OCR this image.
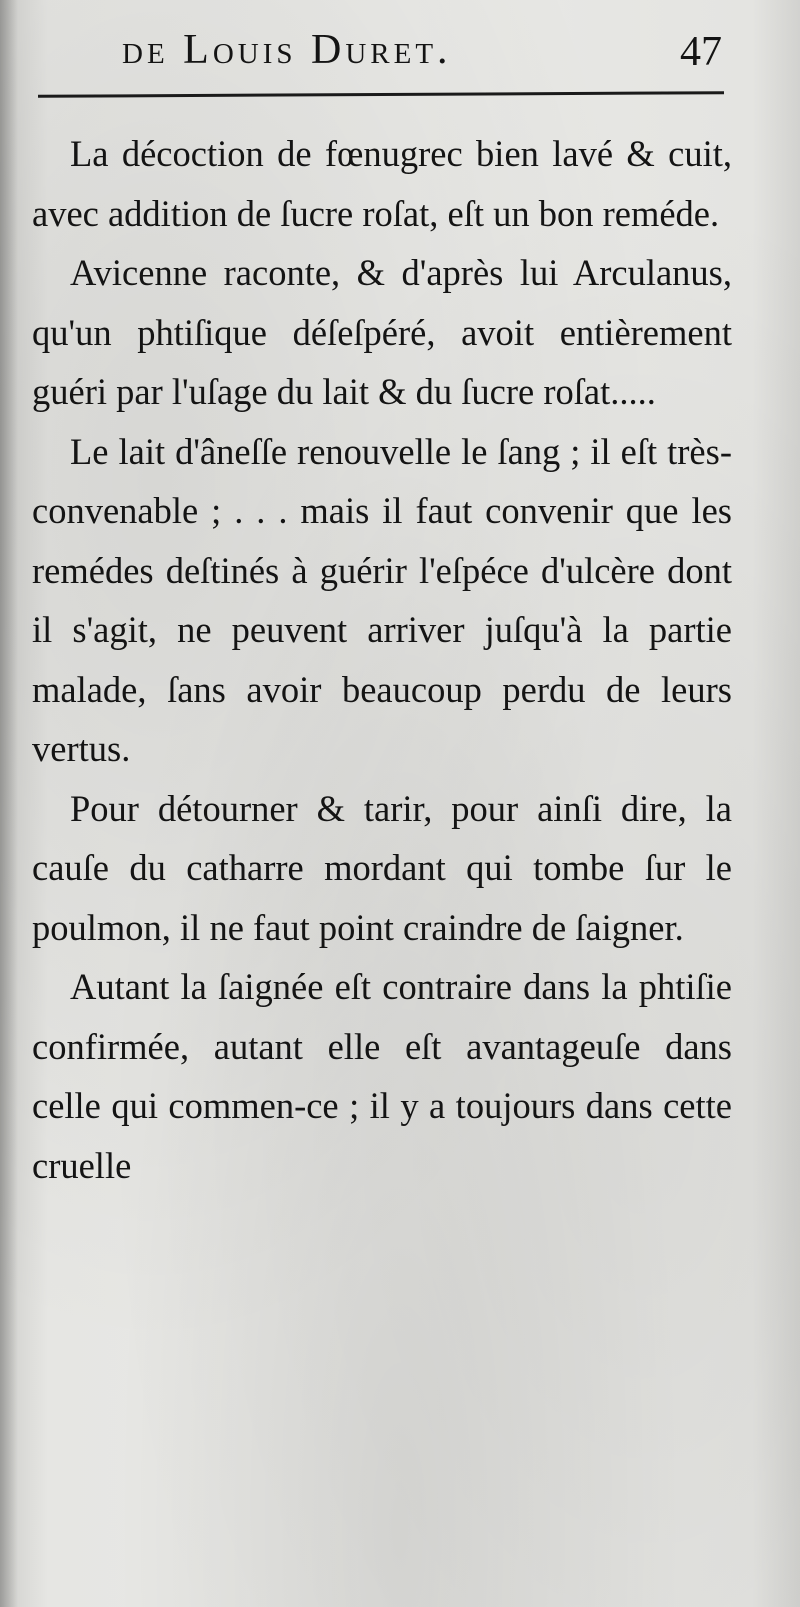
de Louis Duret.	47

La décoction de fœnugrec bien lavé & cuit, avec addition de ſucre roſat, eſt un bon reméde.

Avicenne raconte, & d'après lui Arculanus, qu'un phtiſique déſeſpéré, avoit entièrement guéri par l'uſage du lait & du ſucre roſat.....

Le lait d'âneſſe renouvelle le ſang ; il eſt très-convenable ; . . . mais il faut convenir que les remédes deſtinés à guérir l'eſpéce d'ulcère dont il s'agit, ne peuvent arriver juſqu'à la partie malade, ſans avoir beaucoup perdu de leurs vertus.

Pour détourner & tarir, pour ainſi dire, la cauſe du catharre mordant qui tombe ſur le poulmon, il ne faut point craindre de ſaigner.

Autant la ſaignée eſt contraire dans la phtiſie confirmée, autant elle eſt avantageuſe dans celle qui commen-ce ; il y a toujours dans cette cruelle
